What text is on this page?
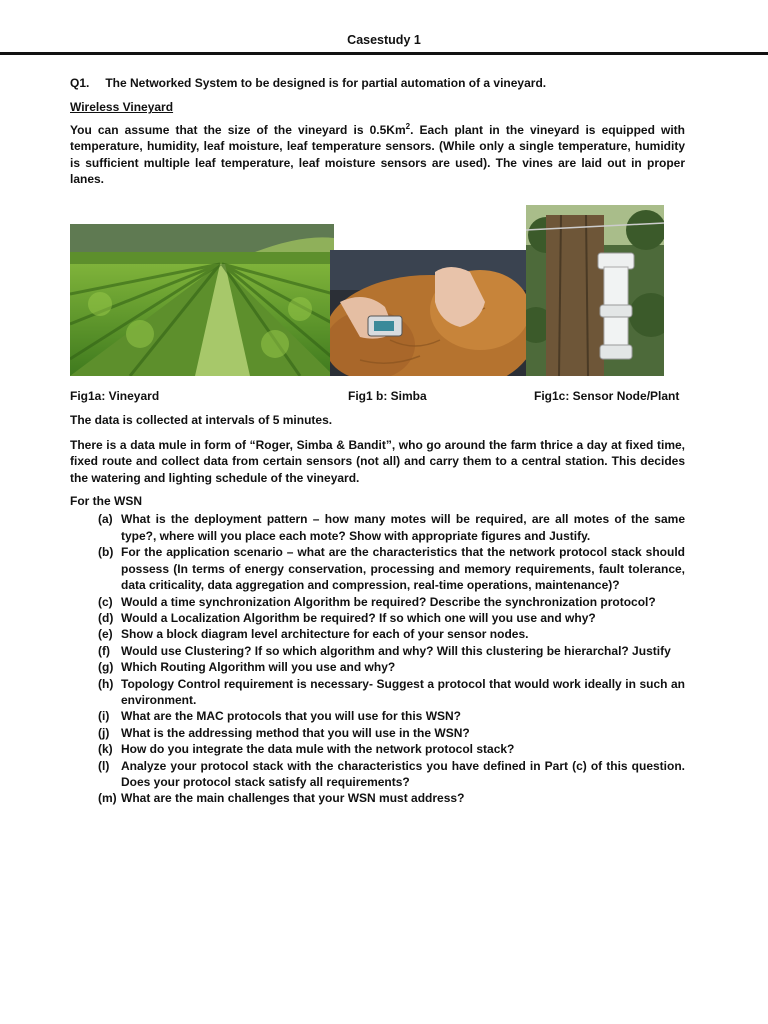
Casestudy 1
Q1. The Networked System to be designed is for partial automation of a vineyard.
Wireless Vineyard

You can assume that the size of the vineyard is 0.5Km$^2$. Each plant in the vineyard is equipped with temperature, humidity, leaf moisture, leaf temperature sensors. (While only a single temperature, humidity is sufficient multiple leaf temperature, leaf moisture sensors are used). The vines are laid out in proper lanes.

Fig1a: Vineyard	Fig1 b: Simba	Fig1c: Sensor Node/Plant

The data is collected at intervals of 5 minutes.

There is a data mule in form of “Roger, Simba & Bandit”, who go around the farm thrice a day at fixed time, fixed route and collect data from certain sensors (not all) and carry them to a central station. This decides the watering and lighting schedule of the vineyard.

For the WSN
(a) What is the deployment pattern – how many motes will be required, are all motes of the same type?, where will you place each mote? Show with appropriate figures and Justify.
(b) For the application scenario – what are the characteristics that the network protocol stack should possess (In terms of energy conservation, processing and memory requirements, fault tolerance, data criticality, data aggregation and compression, real-time operations, maintenance)?
(c) Would a time synchronization Algorithm be required? Describe the synchronization protocol?
(d) Would a Localization Algorithm be required? If so which one will you use and why?
(e) Show a block diagram level architecture for each of your sensor nodes.
(f) Would use Clustering? If so which algorithm and why? Will this clustering be hierarchal? Justify
(g) Which Routing Algorithm will you use and why?
(h) Topology Control requirement is necessary- Suggest a protocol that would work ideally in such an environment.
(i) What are the MAC protocols that you will use for this WSN?
(j) What is the addressing method that you will use in the WSN?
(k) How do you integrate the data mule with the network protocol stack?
(l) Analyze your protocol stack with the characteristics you have defined in Part (c) of this question. Does your protocol stack satisfy all requirements?
(m) What are the main challenges that your WSN must address?
